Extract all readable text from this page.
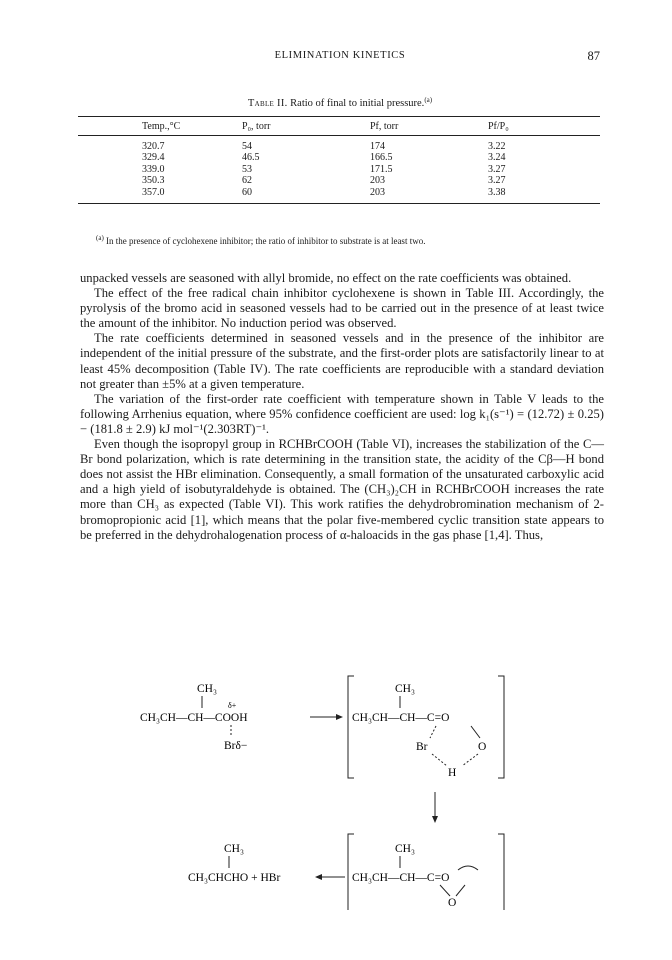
ELIMINATION KINETICS	87
Table II. Ratio of final to initial pressure.$^{(a)}$
Temp.,°C	P₀, torr	Pf, torr	Pf/P₀
320.7	54	174	3.22
329.4	46.5	166.5	3.24
339.0	53	171.5	3.27
350.3	62	203	3.27
357.0	60	203	3.38
$^{(a)}$ In the presence of cyclohexene inhibitor; the ratio of inhibitor to substrate is at least two.

unpacked vessels are seasoned with allyl bromide, no effect on the rate coefficients was obtained.

The effect of the free radical chain inhibitor cyclohexene is shown in Table III. Accordingly, the pyrolysis of the bromo acid in seasoned vessels had to be carried out in the presence of at least twice the amount of the inhibitor. No induction period was observed.

The rate coefficients determined in seasoned vessels and in the presence of the inhibitor are independent of the initial pressure of the substrate, and the first-order plots are satisfactorily linear to at least 45% decomposition (Table IV). The rate coefficients are reproducible with a standard deviation not greater than ±5% at a given temperature.

The variation of the first-order rate coefficient with temperature shown in Table V leads to the following Arrhenius equation, where 95% confidence coefficient are used: log k₁(s⁻¹) = (12.72) ± 0.25) − (181.8 ± 2.9) kJ mol⁻¹(2.303RT)⁻¹.

Even though the isopropyl group in RCHBrCOOH (Table VI), increases the stabilization of the C—Br bond polarization, which is rate determining in the transition state, the acidity of the Cβ—H bond does not assist the HBr elimination. Consequently, a small formation of the unsaturated carboxylic acid and a high yield of isobutyraldehyde is obtained. The (CH₃)₂CH in RCHBrCOOH increases the rate more than CH₃ as expected (Table VI). This work ratifies the dehydrobromination mechanism of 2-bromopropionic acid [1], which means that the polar five-membered cyclic transition state appears to be preferred in the dehydrohalogenation process of α-haloacids in the gas phase [1,4]. Thus,

CH₃
δ+
CH₃CH—CH—COOH
Brδ−
CH₃
CH₃CH—CH—C=O
Br	O
H
CH₃
CH₃CHCHO + HBr
CH₃
CH₃CH—CH—C=O
O
